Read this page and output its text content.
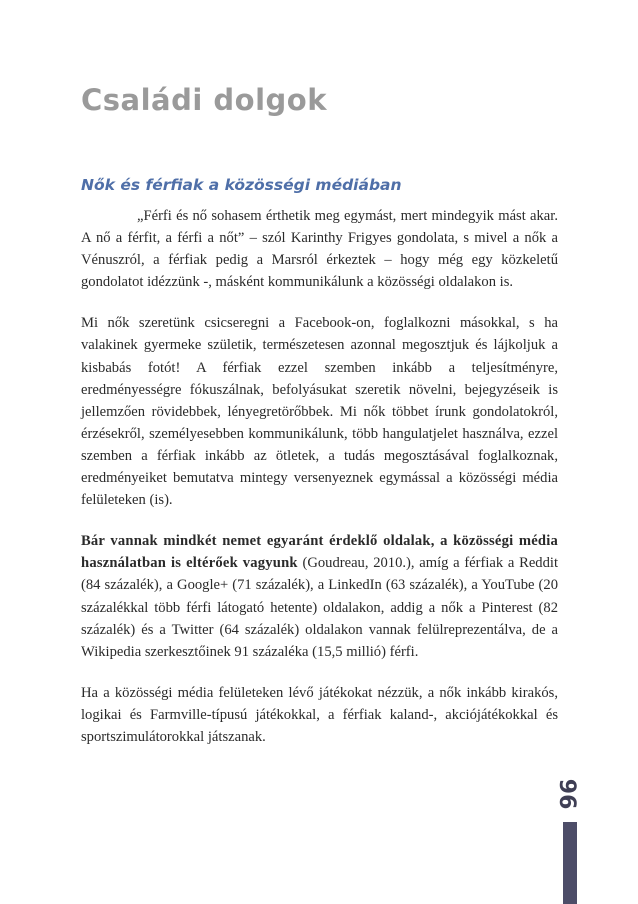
Családi dolgok
Nők és férfiak a közösségi médiában

„Férfi és nő sohasem érthetik meg egymást, mert mindegyik mást akar. A nő a férfit, a férfi a nőt” – szól Karinthy Frigyes gondolata, s mivel a nők a Vénuszról, a férfiak pedig a Marsról érkeztek – hogy még egy közkeletű gondolatot idézzünk -, másként kommunikálunk a közösségi oldalakon is.

Mi nők szeretünk csicseregni a Facebook-on, foglalkozni másokkal, s ha valakinek gyermeke születik, természetesen azonnal megosztjuk és lájkoljuk a kisbabás fotót! A férfiak ezzel szemben inkább a teljesítményre, eredményességre fókuszálnak, befolyásukat szeretik növelni, bejegyzéseik is jellemzően rövidebbek, lényegretörőbbek. Mi nők többet írunk gondolatokról, érzésekről, személyesebben kommunikálunk, több hangulatjelet használva, ezzel szemben a férfiak inkább az ötletek, a tudás megosztásával foglalkoznak, eredményeiket bemutatva mintegy versenyeznek egymással a közösségi média felületeken (is).

Bár vannak mindkét nemet egyaránt érdeklő oldalak, a közösségi média használatban is eltérőek vagyunk (Goudreau, 2010.), amíg a férfiak a Reddit (84 százalék), a Google+ (71 százalék), a LinkedIn (63 százalék), a YouTube (20 százalékkal több férfi látogató hetente) oldalakon, addig a nők a Pinterest (82 százalék) és a Twitter (64 százalék) oldalakon vannak felülreprezentálva, de a Wikipedia szerkesztőinek 91 százaléka (15,5 millió) férfi.

Ha a közösségi média felületeken lévő játékokat nézzük, a nők inkább kirakós, logikai és Farmville-típusú játékokkal, a férfiak kaland-, akciójátékokkal és sportszimulátorokkal játszanak.

96
